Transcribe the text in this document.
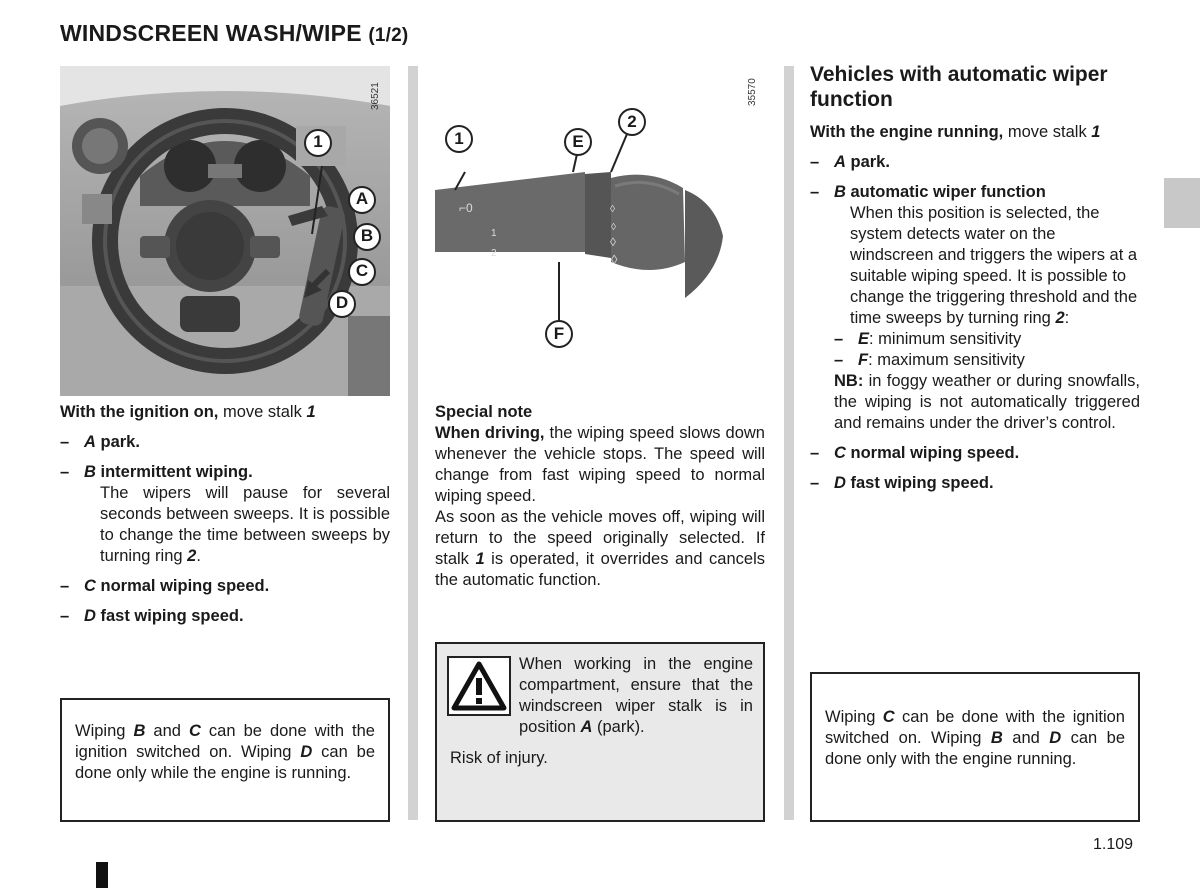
WINDSCREEN WASH/WIPE (1/2)
1
A
B
C
D
36521
◊
◊
◊
◊
⌐0
1
2
1
2
E
F
35570

With the ignition on, move stalk 1

– A park.

– B intermittent wiping.

The wipers will pause for several seconds between sweeps. It is possible to change the time between sweeps by turning ring 2.

– C normal wiping speed.

– D fast wiping speed.

Wiping B and C can be done with the ignition switched on. Wiping D can be done only while the engine is running.

Special note

When driving, the wiping speed slows down whenever the vehicle stops. The speed will change from fast wiping speed to normal wiping speed.

As soon as the vehicle moves off, wiping will return to the speed originally selected. If stalk 1 is operated, it overrides and cancels the automatic function.

When working in the engine compartment, ensure that the windscreen wiper stalk is in position A (park).
Risk of injury.
Vehicles with automatic wiper function

With the engine running, move stalk 1

– A park.

– B automatic wiper function

When this position is selected, the system detects water on the windscreen and triggers the wipers at a suitable wiping speed. It is possible to change the triggering threshold and the time sweeps by turning ring 2:

– E: minimum sensitivity

– F: maximum sensitivity

NB: in foggy weather or during snowfalls, the wiping is not automatically triggered and remains under the driver’s control.

– C normal wiping speed.

– D fast wiping speed.

Wiping C can be done with the ignition switched on. Wiping B and D can be done only with the engine running.
1.109
